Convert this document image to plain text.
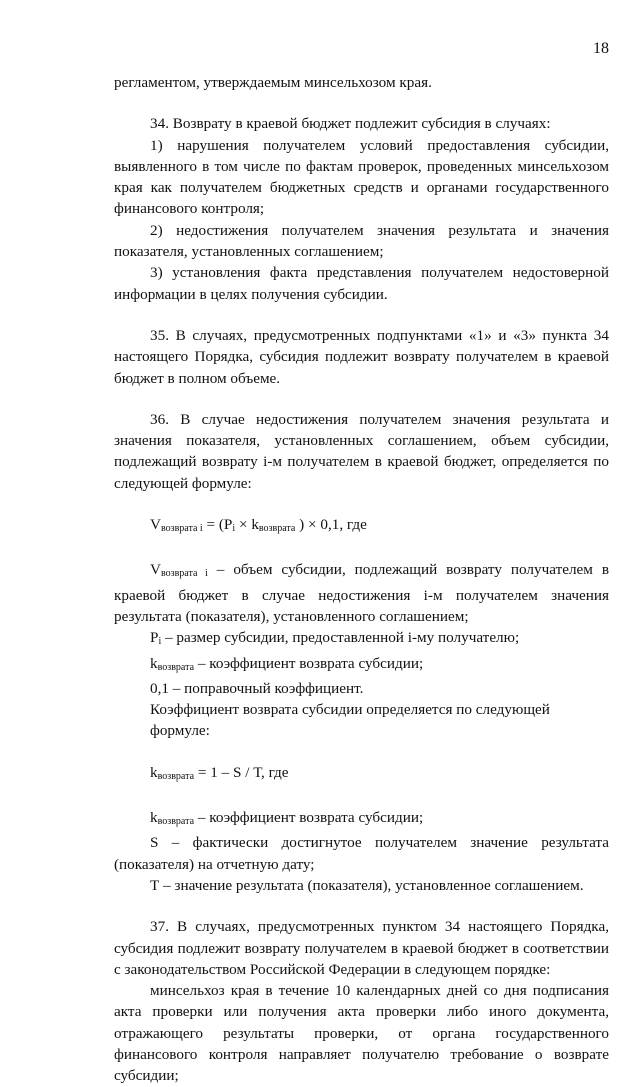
18

регламентом, утверждаемым минсельхозом края.

34. Возврату в краевой бюджет подлежит субсидия в случаях:

1) нарушения получателем условий предоставления субсидии, выявленного в том числе по фактам проверок, проведенных минсельхозом края как получателем бюджетных средств и органами государственного финансового контроля;

2) недостижения получателем значения результата и значения показателя, установленных соглашением;

3) установления факта представления получателем недостоверной информации в целях получения субсидии.

35. В случаях, предусмотренных подпунктами «1» и «3» пункта 34 настоящего Порядка, субсидия подлежит возврату получателем в краевой бюджет в полном объеме.

36. В случае недостижения получателем значения результата и значения показателя, установленных соглашением, объем субсидии, подлежащий возврату i-м получателем в краевой бюджет, определяется по следующей формуле:

$V_{возврата i} = (P_i \times k_{возврата}$ ) × 0,1, где

$V_{возврата i}$ – объем субсидии, подлежащий возврату получателем в краевой бюджет в случае недостижения i-м получателем значения результата (показателя), установленного соглашением;

$P_i$ – размер субсидии, предоставленной i-му получателю;

$k_{возврата}$ – коэффициент возврата субсидии;

0,1 – поправочный коэффициент.

Коэффициент возврата субсидии определяется по следующей формуле:

$k_{возврата} = 1 - S / Т$, где

$k_{возврата}$ – коэффициент возврата субсидии;

S – фактически достигнутое получателем значение результата (показателя) на отчетную дату;

Т – значение результата (показателя), установленное соглашением.

37. В случаях, предусмотренных пунктом 34 настоящего Порядка, субсидия подлежит возврату получателем в краевой бюджет в соответствии с законодательством Российской Федерации в следующем порядке:

минсельхоз края в течение 10 календарных дней со дня подписания акта проверки или получения акта проверки либо иного документа, отражающего результаты проверки, от органа государственного финансового контроля направляет получателю требование о возврате субсидии;
